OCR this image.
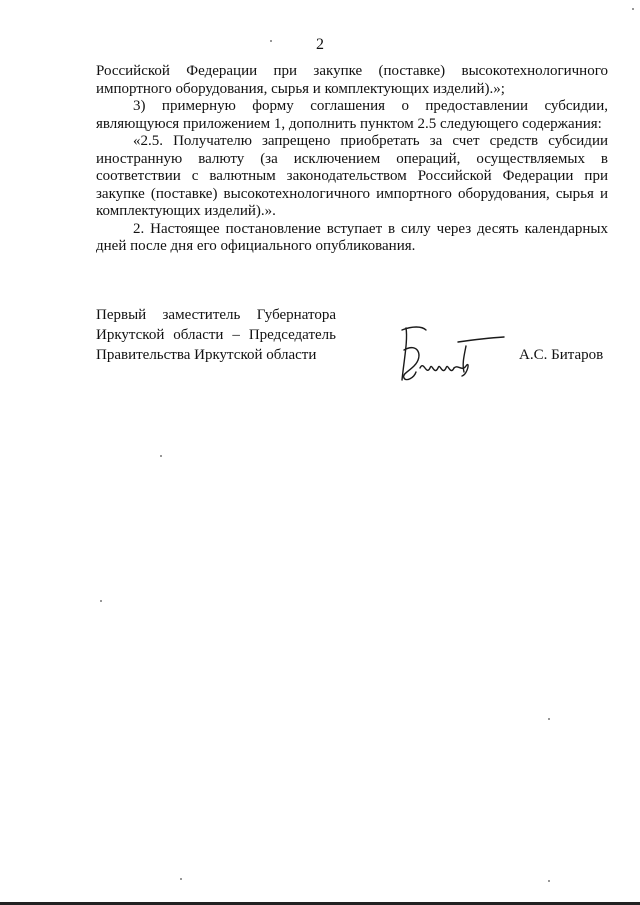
2

Российской Федерации при закупке (поставке) высокотехнологичного импортного оборудования, сырья и комплектующих изделий).»;

3) примерную форму соглашения о предоставлении субсидии, являющуюся приложением 1, дополнить пунктом 2.5 следующего содержания:

«2.5. Получателю запрещено приобретать за счет средств субсидии иностранную валюту (за исключением операций, осуществляемых в соответствии с валютным законодательством Российской Федерации при закупке (поставке) высокотехнологичного импортного оборудования, сырья и комплектующих изделий).».

2. Настоящее постановление вступает в силу через десять календарных дней после дня его официального опубликования.

Первый заместитель Губернатора
Иркутской области – Председатель
Правительства Иркутской области	А.С. Битаров
